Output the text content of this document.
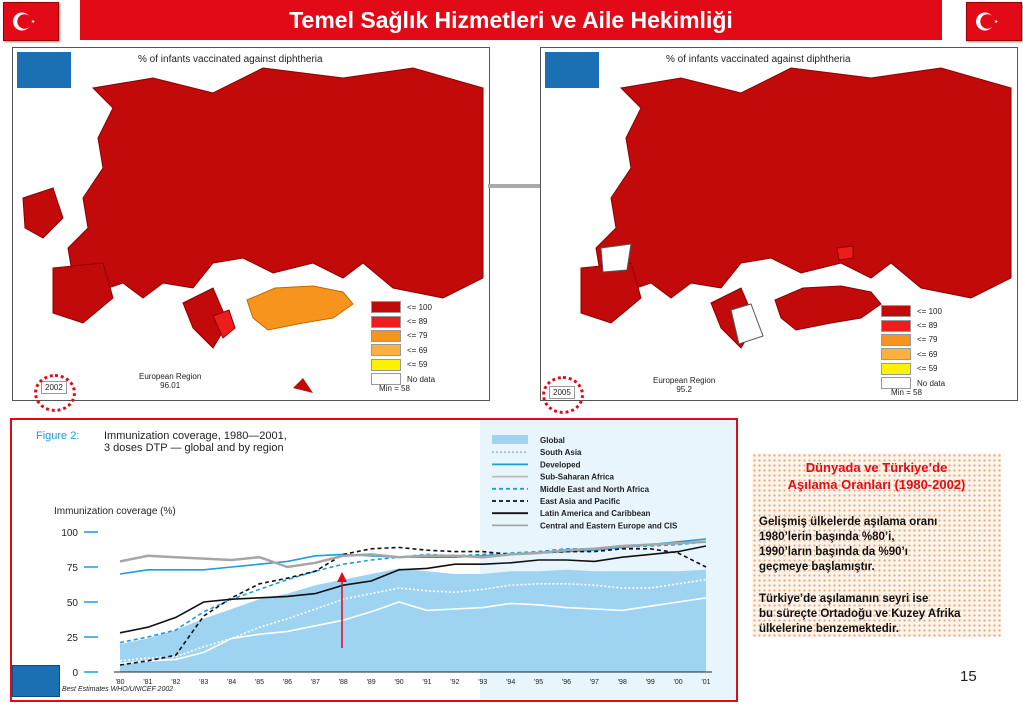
Temel Sağlık Hizmetleri ve Aile Hekimliği
% of infants vaccinated against diphtheria
<= 100
<= 89
<= 79
<= 69
<= 59
No data
European Region
96.01	Min = 58
2002
% of infants vaccinated against diphtheria
<= 100
<= 89
<= 79
<= 69
<= 59
No data
European Region
95.2	Min = 58
2005
Figure 2: Immunization coverage, 1980—2001,
3 doses DTP — global and by region
Immunization coverage (%)
0
25
50
75
100
'80	'81	'82	'83	'84	'85	'86	'87	'88	'89	'90	'91	'92	'93	'94	'95	'96	'97	'98	'99	'00	'01
Global
South Asia
Developed
Sub-Saharan Africa
Middle East and North Africa
East Asia and Pacific
Latin America and Caribbean
Central and Eastern Europe and CIS
Best Estimates WHO/UNICEF 2002
Dünyada ve Türkiye’de
Aşılama Oranları (1980-2002)
Gelişmiş ülkelerde aşılama oranı
1980’lerin başında %80’i,
1990’ların başında da %90’ı
geçmeye başlamıştır.
Türkiye’de aşılamanın seyri ise
bu süreçte Ortadoğu ve Kuzey Afrika
ülkelerine benzemektedir.
15
